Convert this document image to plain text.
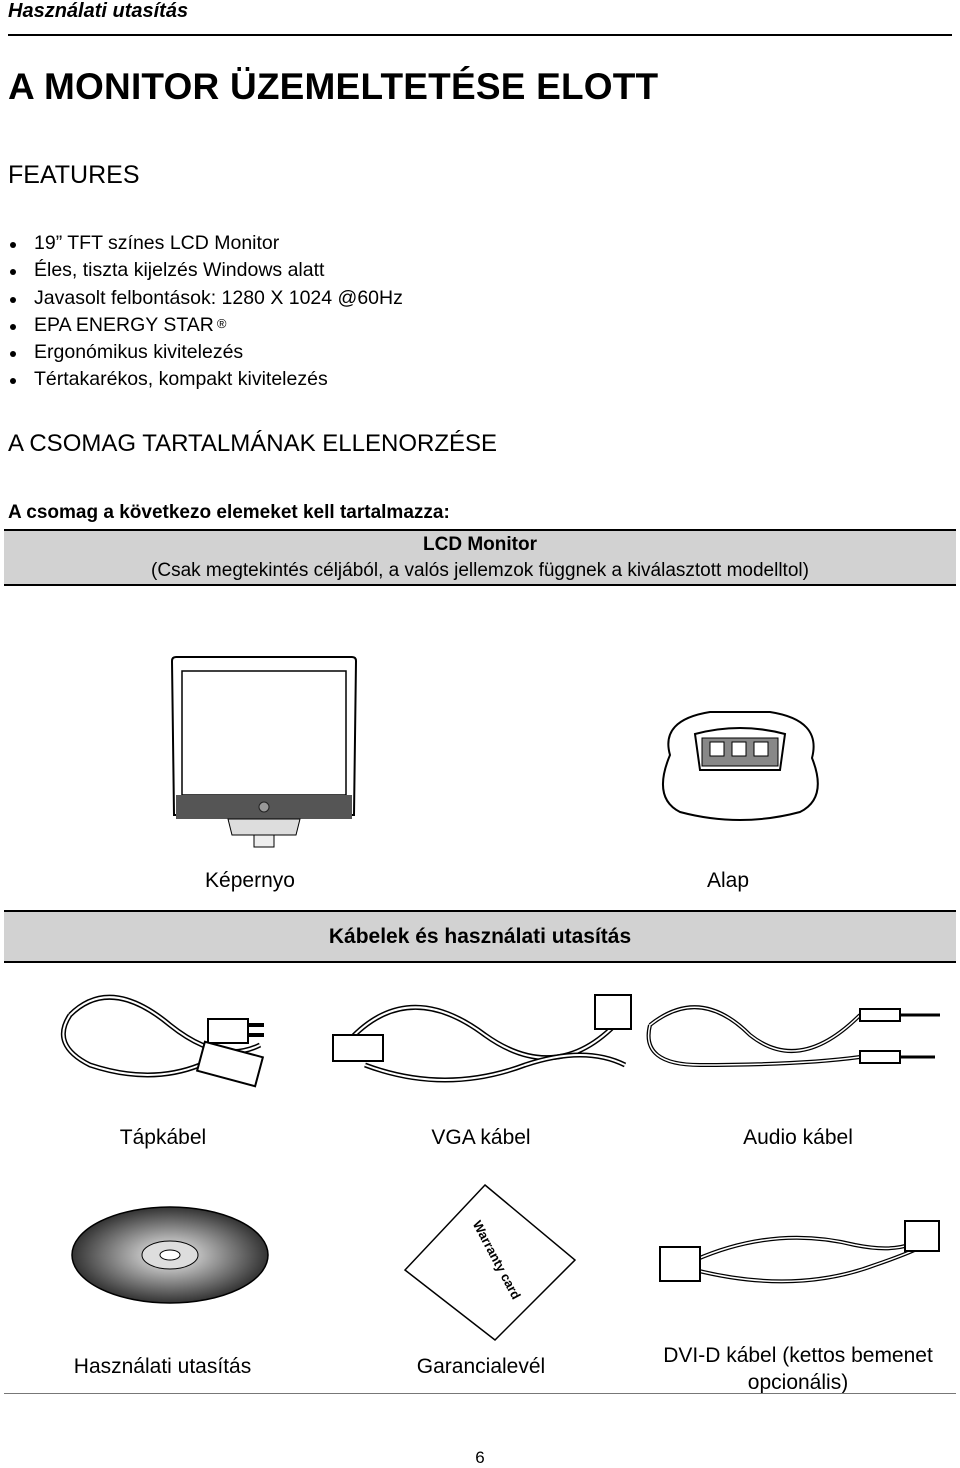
Használati utasítás
A MONITOR ÜZEMELTETÉSE ELOTT
FEATURES
19” TFT színes LCD Monitor
Éles, tiszta kijelzés Windows alatt
Javasolt felbontások: 1280 X 1024 @60Hz
EPA ENERGY STAR ®
Ergonómikus kivitelezés
Tértakarékos, kompakt kivitelezés
A CSOMAG TARTALMÁNAK ELLENORZÉSE
A csomag a következo elemeket kell tartalmazza:
LCD Monitor
(Csak megtekintés céljából, a valós jellemzok függnek a kiválasztott modelltol)
Képernyo	Alap
Kábelek és használati utasítás
Tápkábel	VGA kábel	Audio kábel
Warranty card
Használati utasítás	Garancialevél	DVI-D kábel (kettos bemenet
opcionális)
6
